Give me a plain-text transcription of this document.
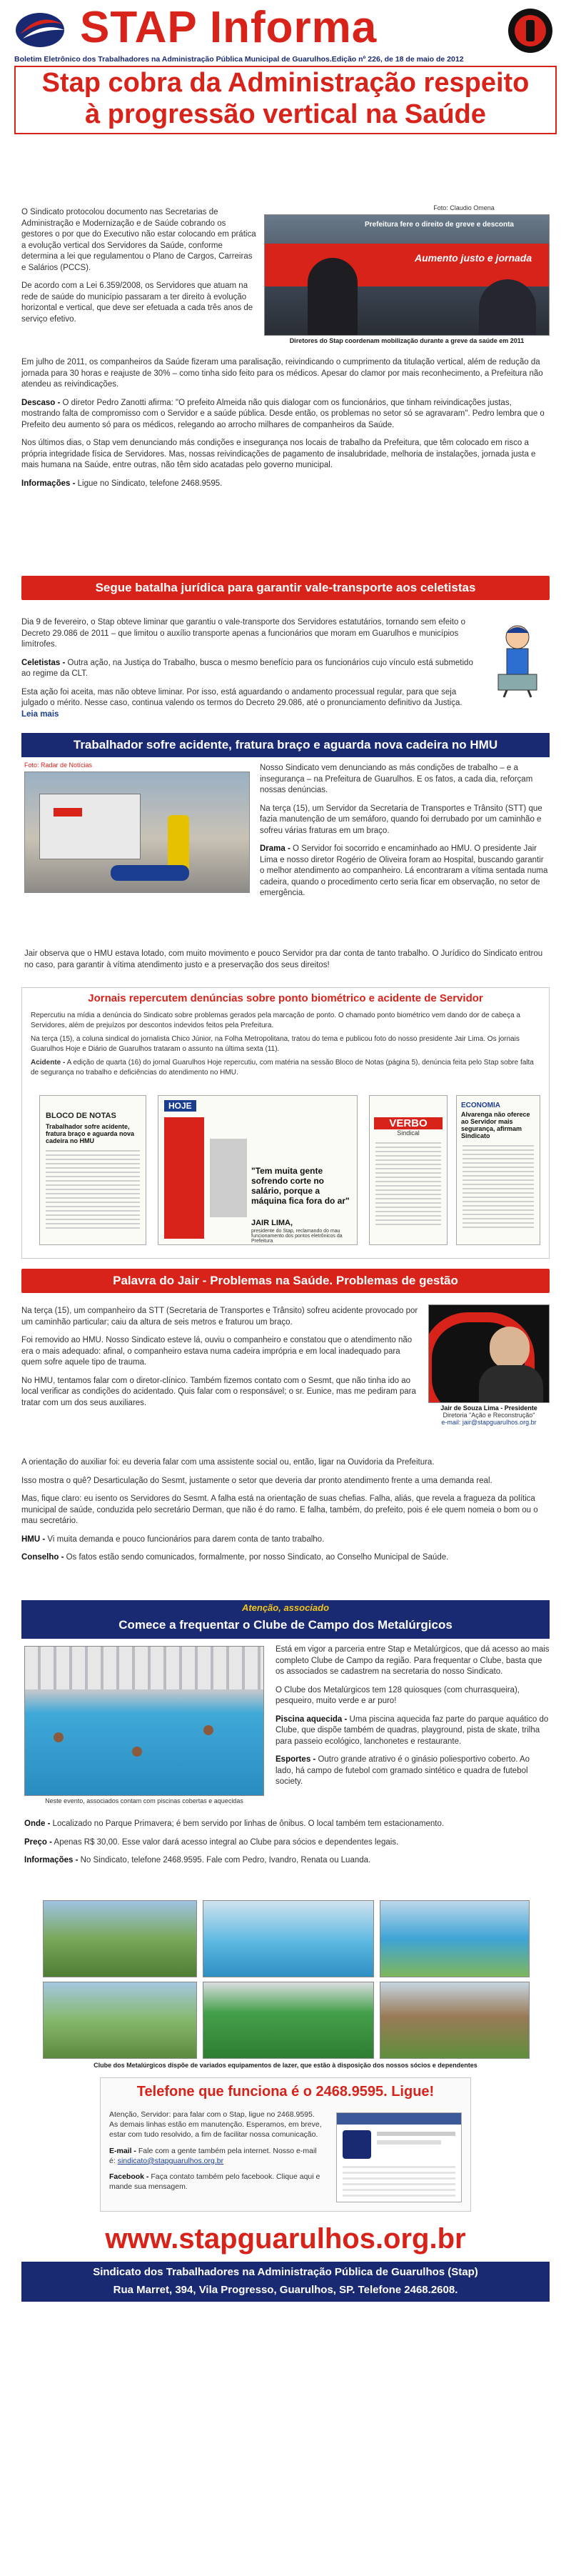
STAP Informa
Boletim Eletrônico dos Trabalhadores na Administração Pública Municipal de Guarulhos.Edição nº 226, de 18 de maio de 2012
Stap cobra da Administração respeito
à progressão vertical na Saúde

O Sindicato protocolou documento nas Secretarias de Administração e Modernização e de Saúde cobrando os gestores o por que do Executivo não estar colocando em prática a evolução vertical dos Servidores da Saúde, conforme determina a lei que regulamentou o Plano de Cargos, Carreiras e Salários (PCCS).

De acordo com a Lei 6.359/2008, os Servidores que atuam na rede de saúde do município passaram a ter direito à evolução horizontal e vertical, que deve ser efetuada a cada três anos de serviço efetivo.

Foto: Claudio Omena
Prefeitura fere o direito de greve e desconta
Aumento justo e jornada
Diretores do Stap coordenam mobilização durante a greve da saúde em 2011

Em julho de 2011, os companheiros da Saúde fizeram uma paralisação, reivindicando o cumprimento da titulação vertical, além de redução da jornada para 30 horas e reajuste de 30% – como tinha sido feito para os médicos. Apesar do clamor por mais reconhecimento, a Prefeitura não atendeu as reivindicações.

Descaso - O diretor Pedro Zanotti afirma: "O prefeito Almeida não quis dialogar com os funcionários, que tinham reivindicações justas, mostrando falta de compromisso com o Servidor e a saúde pública. Desde então, os problemas no setor só se agravaram". Pedro lembra que o Prefeito deu aumento só para os médicos, relegando ao arrocho milhares de companheiros da Saúde.

Nos últimos dias, o Stap vem denunciando más condições e insegurança nos locais de trabalho da Prefeitura, que têm colocado em risco a própria integridade física de Servidores. Mas, nossas reivindicações de pagamento de insalubridade, melhoria de instalações, jornada justa e mais humana na Saúde, entre outras, não têm sido acatadas pelo governo municipal.

Informações - Ligue no Sindicato, telefone 2468.9595.

Segue batalha jurídica para garantir vale-transporte aos celetistas

Dia 9 de fevereiro, o Stap obteve liminar que garantiu o vale-transporte dos Servidores estatutários, tornando sem efeito o Decreto 29.086 de 2011 – que limitou o auxílio transporte apenas a funcionários que moram em Guarulhos e municípios limítrofes.

Celetistas - Outra ação, na Justiça do Trabalho, busca o mesmo benefício para os funcionários cujo vínculo está submetido ao regime da CLT.

Esta ação foi aceita, mas não obteve liminar. Por isso, está aguardando o andamento processual regular, para que seja julgado o mérito. Nesse caso, continua valendo os termos do Decreto 29.086, até o pronunciamento definitivo da Justiça. Leia mais

Trabalhador sofre acidente, fratura braço e aguarda nova cadeira no HMU
Foto: Radar de Notícias	Nosso Sindicato vem denunciando as más condições de trabalho – e a insegurança – na Prefeitura de Guarulhos. E os fatos, a cada dia, reforçam nossas denúncias.

Na terça (15), um Servidor da Secretaria de Transportes e Trânsito (STT) que fazia manutenção de um semáforo, quando foi derrubado por um caminhão e sofreu várias fraturas em um braço.

Drama - O Servidor foi socorrido e encaminhado ao HMU. O presidente Jair Lima e nosso diretor Rogério de Oliveira foram ao Hospital, buscando garantir o melhor atendimento ao companheiro. Lá encontraram a vítima sentada numa cadeira, quando o procedimento certo seria ficar em observação, no setor de emergência.

Jair observa que o HMU estava lotado, com muito movimento e pouco Servidor pra dar conta de tanto trabalho. O Jurídico do Sindicato entrou no caso, para garantir à vítima atendimento justo e a preservação dos seus direitos!
Jornais repercutem denúncias sobre ponto biométrico e acidente de Servidor

Repercutiu na mídia a denúncia do Sindicato sobre problemas gerados pela marcação de ponto. O chamado ponto biométrico vem dando dor de cabeça a Servidores, além de prejuízos por descontos indevidos feitos pela Prefeitura.

Na terça (15), a coluna sindical do jornalista Chico Júnior, na Folha Metropolitana, tratou do tema e publicou foto do nosso presidente Jair Lima. Os jornais Guarulhos Hoje e Diário de Guarulhos trataram o assunto na última sexta (11).

Acidente - A edição de quarta (16) do jornal Guarulhos Hoje repercutiu, com matéria na sessão Bloco de Notas (página 5), denúncia feita pelo Stap sobre falta de segurança no trabalho e deficiências do atendimento no HMU.

BLOCO DE NOTAS
Trabalhador sofre acidente, fratura braço e aguarda nova cadeira no HMU
HOJE
"Tem muita gente sofrendo corte no salário, porque a máquina fica fora do ar"
JAIR LIMA,
presidente do Stap, reclamando do mau funcionamento dos pontos eletrônicos da Prefeitura
VERBO
Sindical
ECONOMIA
Alvarenga não oferece ao Servidor mais segurança, afirmam Sindicato
Palavra do Jair - Problemas na Saúde. Problemas de gestão

Na terça (15), um companheiro da STT (Secretaria de Transportes e Trânsito) sofreu acidente provocado por um caminhão particular; caiu da altura de seis metros e fraturou um braço.

Foi removido ao HMU. Nosso Sindicato esteve lá, ouviu o companheiro e constatou que o atendimento não era o mais adequado: afinal, o companheiro estava numa cadeira imprópria e em local inadequado para quem sofre aquele tipo de trauma.

No HMU, tentamos falar com o diretor-clínico. Também fizemos contato com o Sesmt, que não tinha ido ao local verificar as condições do acidentado. Quis falar com o responsável; o sr. Eunice, mas me pediram para tratar com um dos seus auxiliares.

Jair de Souza Lima - Presidente
Diretoria "Ação e Reconstrução"
e-mail: jair@stapguarulhos.org.br

A orientação do auxiliar foi: eu deveria falar com uma assistente social ou, então, ligar na Ouvidoria da Prefeitura.

Isso mostra o quê? Desarticulação do Sesmt, justamente o setor que deveria dar pronto atendimento frente a uma demanda real.

Mas, fique claro: eu isento os Servidores do Sesmt. A falha está na orientação de suas chefias. Falha, aliás, que revela a fragueza da política municipal de saúde, conduzida pelo secretário Derman, que não é do ramo. E falha, também, do prefeito, pois é ele quem nomeia o bom ou o mau secretário.

HMU - Vi muita demanda e pouco funcionários para darem conta de tanto trabalho.

Conselho - Os fatos estão sendo comunicados, formalmente, por nosso Sindicato, ao Conselho Municipal de Saúde.

Atenção, associado
Comece a frequentar o Clube de Campo dos Metalúrgicos
Neste evento, associados contam com piscinas cobertas e aquecidas

Está em vigor a parceria entre Stap e Metalúrgicos, que dá acesso ao mais completo Clube de Campo da região. Para frequentar o Clube, basta que os associados se cadastrem na secretaria do nosso Sindicato.

O Clube dos Metalúrgicos tem 128 quiosques (com churrasqueira), pesqueiro, muito verde e ar puro!

Piscina aquecida - Uma piscina aquecida faz parte do parque aquático do Clube, que dispõe também de quadras, playground, pista de skate, trilha para passeio ecológico, lanchonetes e restaurante.

Esportes - Outro grande atrativo é o ginásio poliesportivo coberto. Ao lado, há campo de futebol com gramado sintético e quadra de futebol society.

Onde - Localizado no Parque Primavera; é bem servido por linhas de ônibus. O local também tem estacionamento.

Preço - Apenas R$ 30,00. Esse valor dará acesso integral ao Clube para sócios e dependentes legais.

Informações - No Sindicato, telefone 2468.9595. Fale com Pedro, Ivandro, Renata ou Luanda.

Clube dos Metalúrgicos dispõe de variados equipamentos de lazer, que estão à disposição dos nossos sócios e dependentes
Telefone que funciona é o 2468.9595. Ligue!

Atenção, Servidor: para falar com o Stap, ligue no 2468.9595. As demais linhas estão em manutenção. Esperamos, em breve, estar com tudo resolvido, a fim de facilitar nossa comunicação.

E-mail - Fale com a gente também pela internet. Nosso e-mail é: sindicato@stapguarulhos.org.br

Facebook - Faça contato também pelo facebook. Clique aqui e mande sua mensagem.

www.stapguarulhos.org.br
Sindicato dos Trabalhadores na Administração Pública de Guarulhos (Stap)
Rua Marret, 394, Vila Progresso, Guarulhos, SP. Telefone 2468.2608.
